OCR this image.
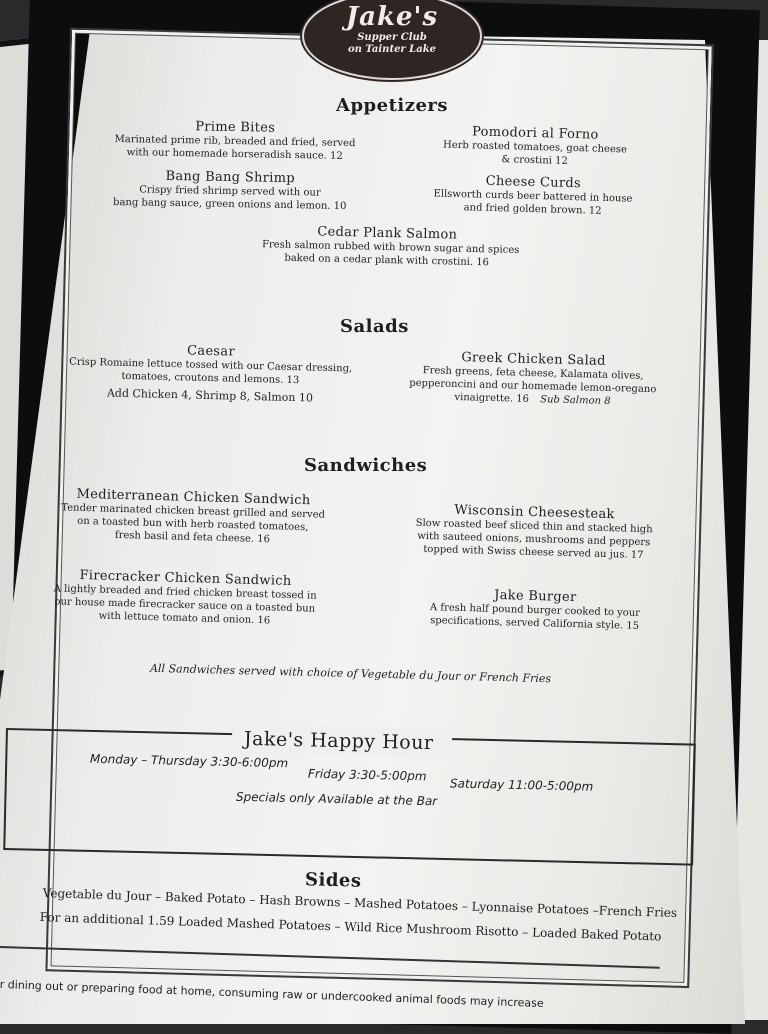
Jake's
Supper Club
on Tainter Lake
Appetizers
Prime Bites
Marinated prime rib, breaded and fried, served
with our homemade horseradish sauce. 12
Pomodori al Forno
Herb roasted tomatoes, goat cheese
& crostini 12
Bang Bang Shrimp
Crispy fried shrimp served with our
bang bang sauce, green onions and lemon. 10
Cheese Curds
Ellsworth curds beer battered in house
and fried golden brown. 12
Cedar Plank Salmon
Fresh salmon rubbed with brown sugar and spices
baked on a cedar plank with crostini. 16
Salads
Caesar
Crisp Romaine lettuce tossed with our Caesar dressing,
tomatoes, croutons and lemons. 13
Add Chicken 4, Shrimp 8, Salmon 10
Greek Chicken Salad
Fresh greens, feta cheese, Kalamata olives,
pepperoncini and our homemade lemon-oregano
vinaigrette. 16 Sub Salmon 8
Sandwiches
Mediterranean Chicken Sandwich
Tender marinated chicken breast grilled and served
on a toasted bun with herb roasted tomatoes,
fresh basil and feta cheese. 16
Wisconsin Cheesesteak
Slow roasted beef sliced thin and stacked high
with sauteed onions, mushrooms and peppers
topped with Swiss cheese served au jus. 17
Firecracker Chicken Sandwich
A lightly breaded and fried chicken breast tossed in
our house made firecracker sauce on a toasted bun
with lettuce tomato and onion. 16
Jake Burger
A fresh half pound burger cooked to your
specifications, served California style. 15
All Sandwiches served with choice of Vegetable du Jour or French Fries
Jake's Happy Hour
Monday – Thursday 3:30-6:00pm
Friday 3:30-5:00pm
Saturday 11:00-5:00pm
Specials only Available at the Bar
Sides
Vegetable du Jour – Baked Potato – Hash Browns – Mashed Potatoes – Lyonnaise Potatoes –French Fries
For an additional 1.59 Loaded Mashed Potatoes – Wild Rice Mushroom Risotto – Loaded Baked Potato
r dining out or preparing food at home, consuming raw or undercooked animal foods may increase
